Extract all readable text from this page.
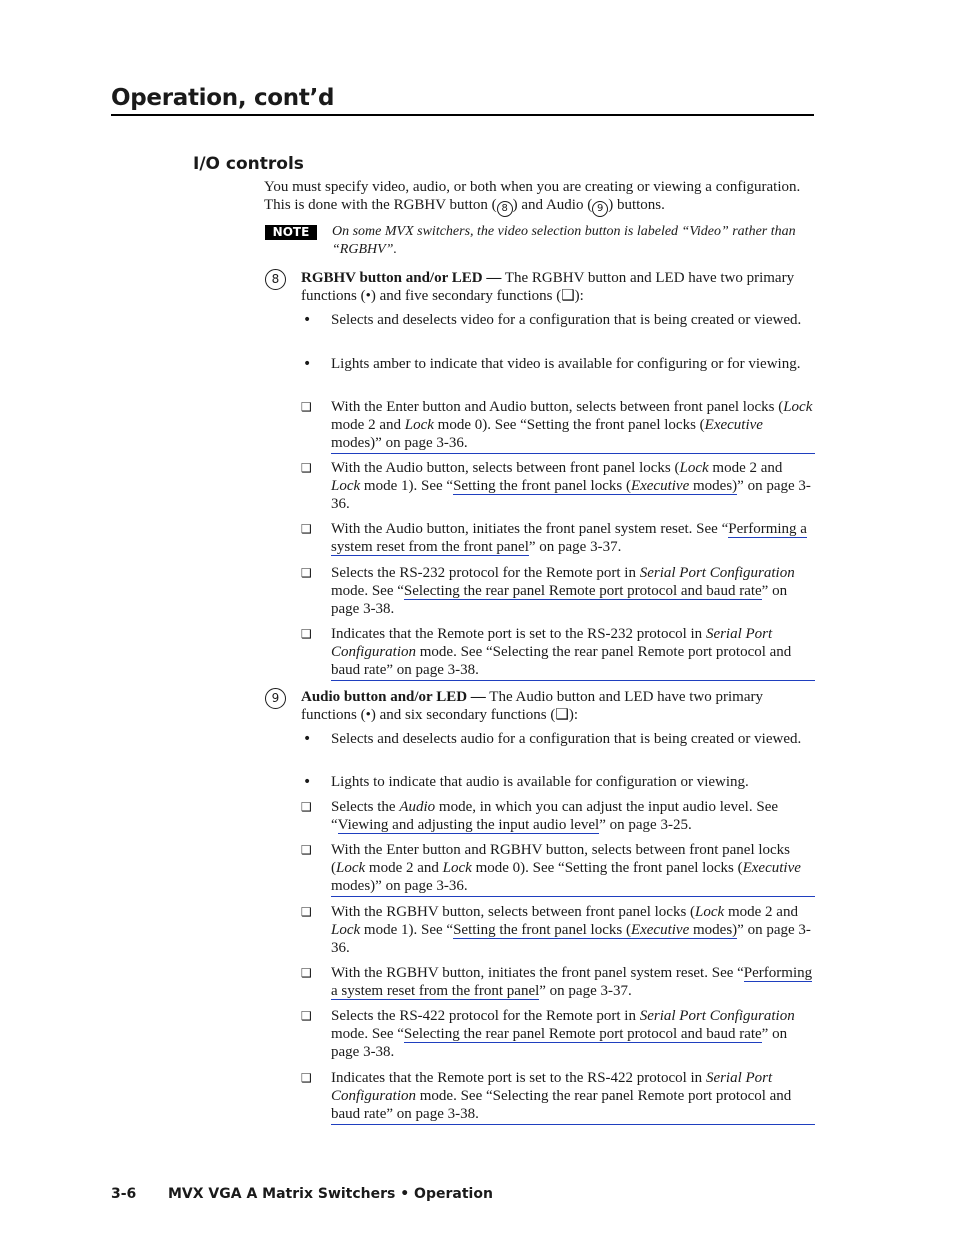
Operation, cont’d
I/O controls

You must specify video, audio, or both when you are creating or viewing a configuration. This is done with the RGBHV button ( 8 ) and Audio ( 9 ) buttons.

NOTE	On some MVX switchers, the video selection button is labeled “Video” rather than “RGBHV”.

8	RGBHV button and/or LED — The RGBHV button and LED have two primary functions (•) and five secondary functions (❑):

•	Selects and deselects video for a configuration that is being created or viewed.

•	Lights amber to indicate that video is available for configuring or for viewing.

❑ With the Enter button and Audio button, selects between front panel locks (Lock mode 2 and Lock mode 0). See “Setting the front panel locks (Executive modes)” on page 3-36.

❑ With the Audio button, selects between front panel locks (Lock mode 2 and Lock mode 1). See “Setting the front panel locks (Executive modes)” on page 3-36.

❑ With the Audio button, initiates the front panel system reset. See “Performing a system reset from the front panel” on page 3-37.

❑ Selects the RS-232 protocol for the Remote port in Serial Port Configuration mode. See “Selecting the rear panel Remote port protocol and baud rate” on page 3-38.

❑ Indicates that the Remote port is set to the RS-232 protocol in Serial Port Configuration mode. See “Selecting the rear panel Remote port protocol and baud rate” on page 3-38.

9	Audio button and/or LED — The Audio button and LED have two primary functions (•) and six secondary functions (❑):

•	Selects and deselects audio for a configuration that is being created or viewed.

•	Lights to indicate that audio is available for configuration or viewing.

❑ Selects the Audio mode, in which you can adjust the input audio level. See “Viewing and adjusting the input audio level” on page 3-25.

❑ With the Enter button and RGBHV button, selects between front panel locks (Lock mode 2 and Lock mode 0). See “Setting the front panel locks (Executive modes)” on page 3-36.

❑ With the RGBHV button, selects between front panel locks (Lock mode 2 and Lock mode 1). See “Setting the front panel locks (Executive modes)” on page 3-36.

❑ With the RGBHV button, initiates the front panel system reset. See “Performing a system reset from the front panel” on page 3-37.

❑ Selects the RS-422 protocol for the Remote port in Serial Port Configuration mode. See “Selecting the rear panel Remote port protocol and baud rate” on page 3-38.

❑ Indicates that the Remote port is set to the RS-422 protocol in Serial Port Configuration mode. See “Selecting the rear panel Remote port protocol and baud rate” on page 3-38.

3-6 MVX VGA A Matrix Switchers • Operation
